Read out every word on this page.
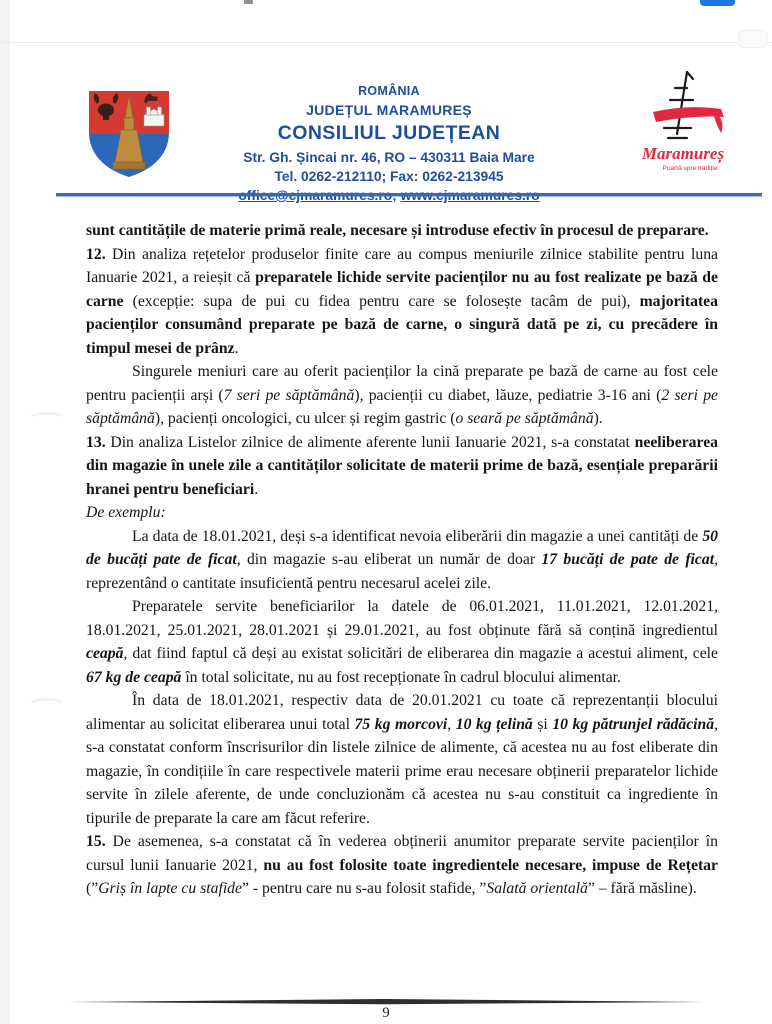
ROMÂNIA
JUDEȚUL MARAMUREȘ
CONSILIUL JUDEȚEAN
Str. Gh. Șincai nr. 46, RO – 430311 Baia Mare
Tel. 0262-212110; Fax: 0262-213945
Maramureș
Poartă spre tradiție

sunt cantitățile de materie primă reale, necesare și introduse efectiv în procesul de preparare.

12. Din analiza rețetelor produselor finite care au compus meniurile zilnice stabilite pentru luna Ianuarie 2021, a reieșit că preparatele lichide servite pacienților nu au fost realizate pe bază de carne (excepție: supa de pui cu fidea pentru care se folosește tacâm de pui), majoritatea pacienților consumând preparate pe bază de carne, o singură dată pe zi, cu precădere în timpul mesei de prânz.

Singurele meniuri care au oferit pacienților la cină preparate pe bază de carne au fost cele pentru pacienții arși (7 seri pe săptămână), pacienții cu diabet, lăuze, pediatrie 3-16 ani (2 seri pe săptămână), pacienți oncologici, cu ulcer și regim gastric (o seară pe săptămână).

13. Din analiza Listelor zilnice de alimente aferente lunii Ianuarie 2021, s-a constatat neeliberarea din magazie în unele zile a cantităților solicitate de materii prime de bază, esențiale preparării hranei pentru beneficiari.

De exemplu:

La data de 18.01.2021, deși s-a identificat nevoia eliberării din magazie a unei cantități de 50 de bucăți pate de ficat, din magazie s-au eliberat un număr de doar 17 bucăți de pate de ficat, reprezentând o cantitate insuficientă pentru necesarul acelei zile.

Preparatele servite beneficiarilor la datele de 06.01.2021, 11.01.2021, 12.01.2021, 18.01.2021, 25.01.2021, 28.01.2021 și 29.01.2021, au fost obținute fără să conțină ingredientul ceapă, dat fiind faptul că deși au existat solicitări de eliberarea din magazie a acestui aliment, cele 67 kg de ceapă în total solicitate, nu au fost recepționate în cadrul blocului alimentar.

În data de 18.01.2021, respectiv data de 20.01.2021 cu toate că reprezentanții blocului alimentar au solicitat eliberarea unui total 75 kg morcovi, 10 kg țelină și 10 kg pătrunjel rădăcină, s-a constatat conform înscrisurilor din listele zilnice de alimente, că acestea nu au fost eliberate din magazie, în condițiile în care respectivele materii prime erau necesare obținerii preparatelor lichide servite în zilele aferente, de unde concluzionăm că acestea nu s-au constituit ca ingrediente în tipurile de preparate la care am făcut referire.

15. De asemenea, s-a constatat că în vederea obținerii anumitor preparate servite pacienților în cursul lunii Ianuarie 2021, nu au fost folosite toate ingredientele necesare, impuse de Rețetar (”Griș în lapte cu stafide” - pentru care nu s-au folosit stafide, ”Salată orientală” – fără măsline).

9
